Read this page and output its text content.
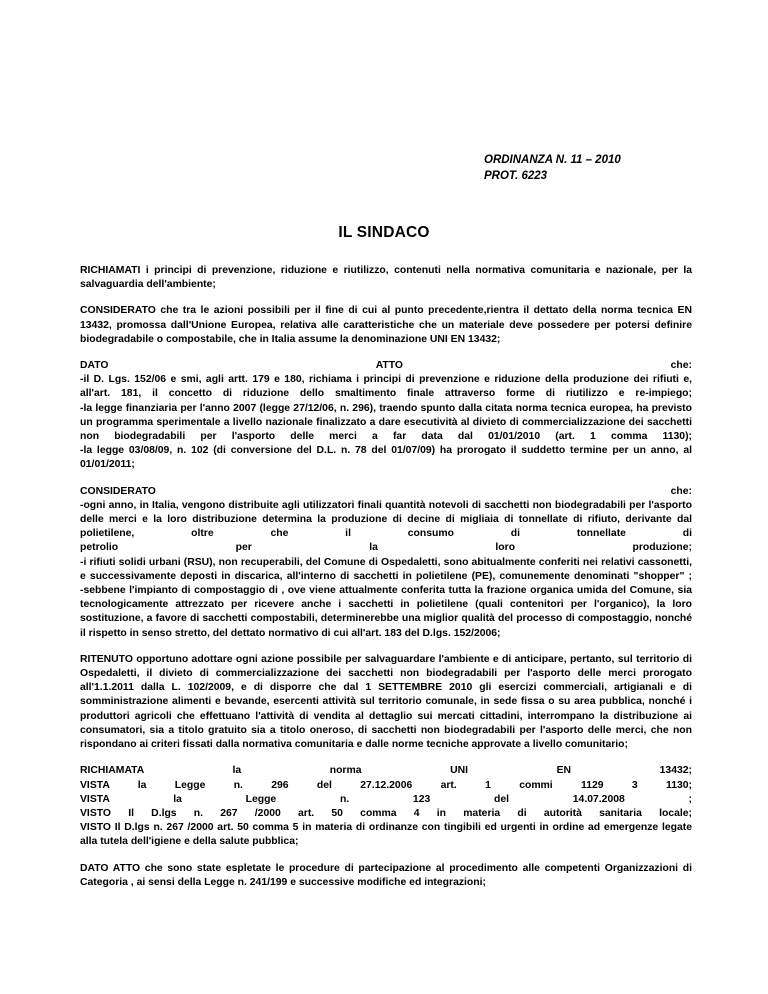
ORDINANZA N. 11 – 2010
PROT. 6223
IL SINDACO
RICHIAMATI i principi di prevenzione, riduzione e riutilizzo, contenuti nella normativa comunitaria e nazionale, per la
salvaguardia dell'ambiente;
CONSIDERATO che tra le azioni possibili per il fine di cui al punto precedente,rientra il dettato della norma tecnica EN
13432, promossa dall'Unione Europea, relativa alle caratteristiche che un materiale deve possedere per potersi definire
biodegradabile o compostabile, che in Italia assume la denominazione UNI EN 13432;
DATO ATTO che:
-il D. Lgs. 152/06 e smi, agli artt. 179 e 180, richiama i principi di prevenzione e riduzione della produzione dei rifiuti e,
all'art. 181, il concetto di riduzione dello smaltimento finale attraverso forme di riutilizzo e re-impiego;
-la legge finanziaria per l'anno 2007 (legge 27/12/06, n. 296), traendo spunto dalla citata norma tecnica europea, ha previsto
un programma sperimentale a livello nazionale finalizzato a dare esecutività al divieto di commercializzazione dei sacchetti
non biodegradabili per l'asporto delle merci a far data dal 01/01/2010 (art. 1 comma 1130);
-la legge 03/08/09, n. 102 (di conversione del D.L. n. 78 del 01/07/09) ha prorogato il suddetto termine per un anno, al
01/01/2011;
CONSIDERATO che:
-ogni anno, in Italia, vengono distribuite agli utilizzatori finali quantità notevoli di sacchetti non biodegradabili per l'asporto
delle merci e la loro distribuzione determina la produzione di decine di migliaia di tonnellate di rifiuto, derivante dal
polietilene, oltre che il consumo di tonnellate di
petrolio per la loro produzione;
-i rifiuti solidi urbani (RSU), non recuperabili, del Comune di Ospedaletti, sono abitualmente conferiti nei relativi cassonetti,
e successivamente deposti in discarica, all'interno di sacchetti in polietilene (PE), comunemente denominati "shopper" ;
-sebbene l'impianto di compostaggio di , ove viene attualmente conferita tutta la frazione organica umida del Comune, sia
tecnologicamente attrezzato per ricevere anche i sacchetti in polietilene (quali contenitori per l'organico), la loro
sostituzione, a favore di sacchetti compostabili, determinerebbe una miglior qualità del processo di compostaggio, nonché
il rispetto in senso stretto, del dettato normativo di cui all'art. 183 del D.lgs. 152/2006;
RITENUTO opportuno adottare ogni azione possibile per salvaguardare l'ambiente e di anticipare, pertanto, sul territorio di
Ospedaletti, il divieto di commercializzazione dei sacchetti non biodegradabili per l'asporto delle merci prorogato
all'1.1.2011 dalla L. 102/2009, e di disporre che dal 1 SETTEMBRE 2010 gli esercizi commerciali, artigianali e di
somministrazione alimenti e bevande, esercenti attività sul territorio comunale, in sede fissa o su area pubblica, nonché i
produttori agricoli che effettuano l'attività di vendita al dettaglio sui mercati cittadini, interrompano la distribuzione ai
consumatori, sia a titolo gratuito sia a titolo oneroso, di sacchetti non biodegradabili per l'asporto delle merci, che non
rispondano ai criteri fissati dalla normativa comunitaria e dalle norme tecniche approvate a livello comunitario;
RICHIAMATA la norma UNI EN 13432;
VISTA la Legge n. 296 del 27.12.2006 art. 1 commi 1129 3 1130;
VISTA la Legge n. 123 del 14.07.2008 ;
VISTO Il D.lgs n. 267 /2000 art. 50 comma 4 in materia di autorità sanitaria locale;
VISTO Il D.lgs n. 267 /2000 art. 50 comma 5 in materia di ordinanze con tingibili ed urgenti in ordine ad emergenze legate
alla tutela dell'igiene e della salute pubblica;
DATO ATTO che sono state espletate le procedure di partecipazione al procedimento alle competenti Organizzazioni di
Categoria , ai sensi della Legge n. 241/199 e successive modifiche ed integrazioni;
